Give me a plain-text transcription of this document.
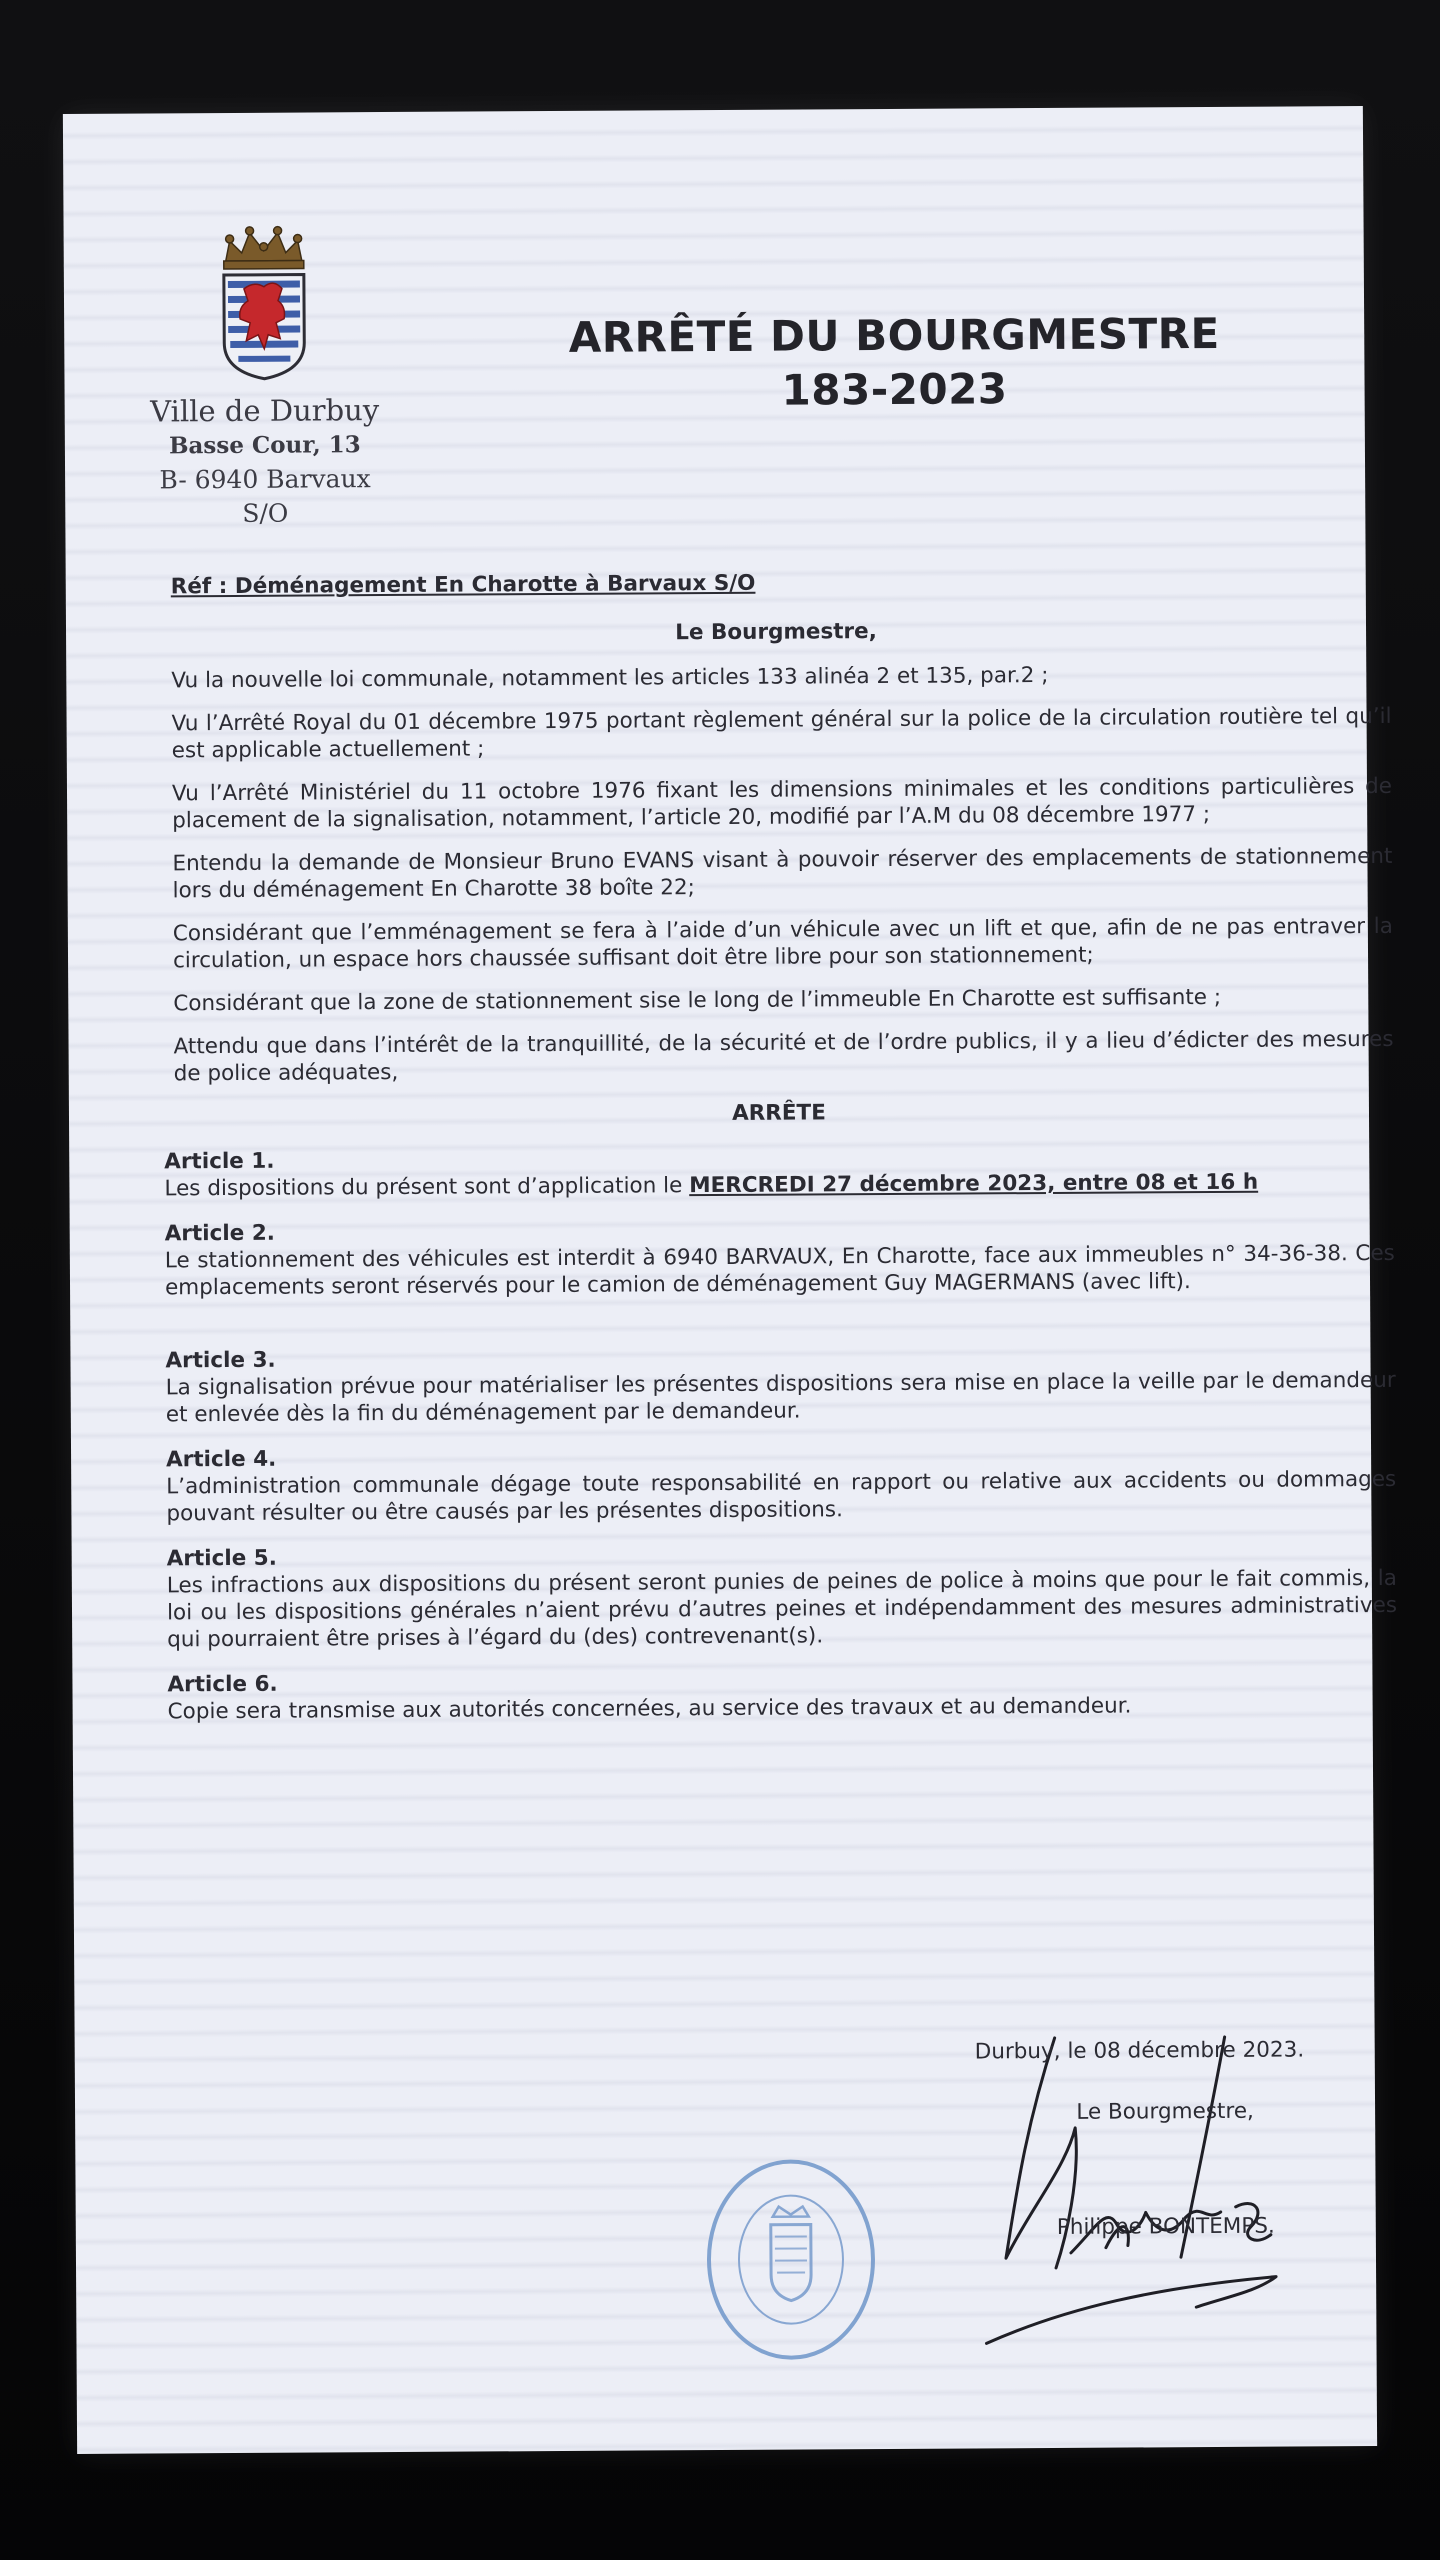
Ville de Durbuy
Basse Cour, 13
B- 6940 Barvaux S/O
ARRÊTÉ DU BOURGMESTRE
183-2023
Réf : Déménagement En Charotte à Barvaux S/O
Le Bourgmestre,

Vu la nouvelle loi communale, notamment les articles 133 alinéa 2 et 135, par.2 ;

Vu l’Arrêté Royal du 01 décembre 1975 portant règlement général sur la police de la circulation routière tel qu’il est applicable actuellement ;

Vu l’Arrêté Ministériel du 11 octobre 1976 fixant les dimensions minimales et les conditions particulières de placement de la signalisation, notamment, l’article 20, modifié par l’A.M du 08 décembre 1977 ;

Entendu la demande de Monsieur Bruno EVANS visant à pouvoir réserver des emplacements de stationnement lors du déménagement En Charotte 38 boîte 22;

Considérant que l’emménagement se fera à l’aide d’un véhicule avec un lift et que, afin de ne pas entraver la circulation, un espace hors chaussée suffisant doit être libre pour son stationnement;

Considérant que la zone de stationnement sise le long de l’immeuble En Charotte est suffisante ;

Attendu que dans l’intérêt de la tranquillité, de la sécurité et de l’ordre publics, il y a lieu d’édicter des mesures de police adéquates,

ARRÊTE
Article 1.
Les dispositions du présent sont d’application le MERCREDI 27 décembre 2023, entre 08 et 16 h
Article 2.
Le stationnement des véhicules est interdit à 6940 BARVAUX, En Charotte, face aux immeubles n° 34-36-38. Ces emplacements seront réservés pour le camion de déménagement Guy MAGERMANS (avec lift).
Article 3.
La signalisation prévue pour matérialiser les présentes dispositions sera mise en place la veille par le demandeur et enlevée dès la fin du déménagement par le demandeur.
Article 4.
L’administration communale dégage toute responsabilité en rapport ou relative aux accidents ou dommages pouvant résulter ou être causés par les présentes dispositions.
Article 5.
Les infractions aux dispositions du présent seront punies de peines de police à moins que pour le fait commis, la loi ou les dispositions générales n’aient prévu d’autres peines et indépendamment des mesures administratives qui pourraient être prises à l’égard du (des) contrevenant(s).
Article 6.
Copie sera transmise aux autorités concernées, au service des travaux et au demandeur.
Durbuy, le 08 décembre 2023.
Le Bourgmestre,
Philippe BONTEMPS.
